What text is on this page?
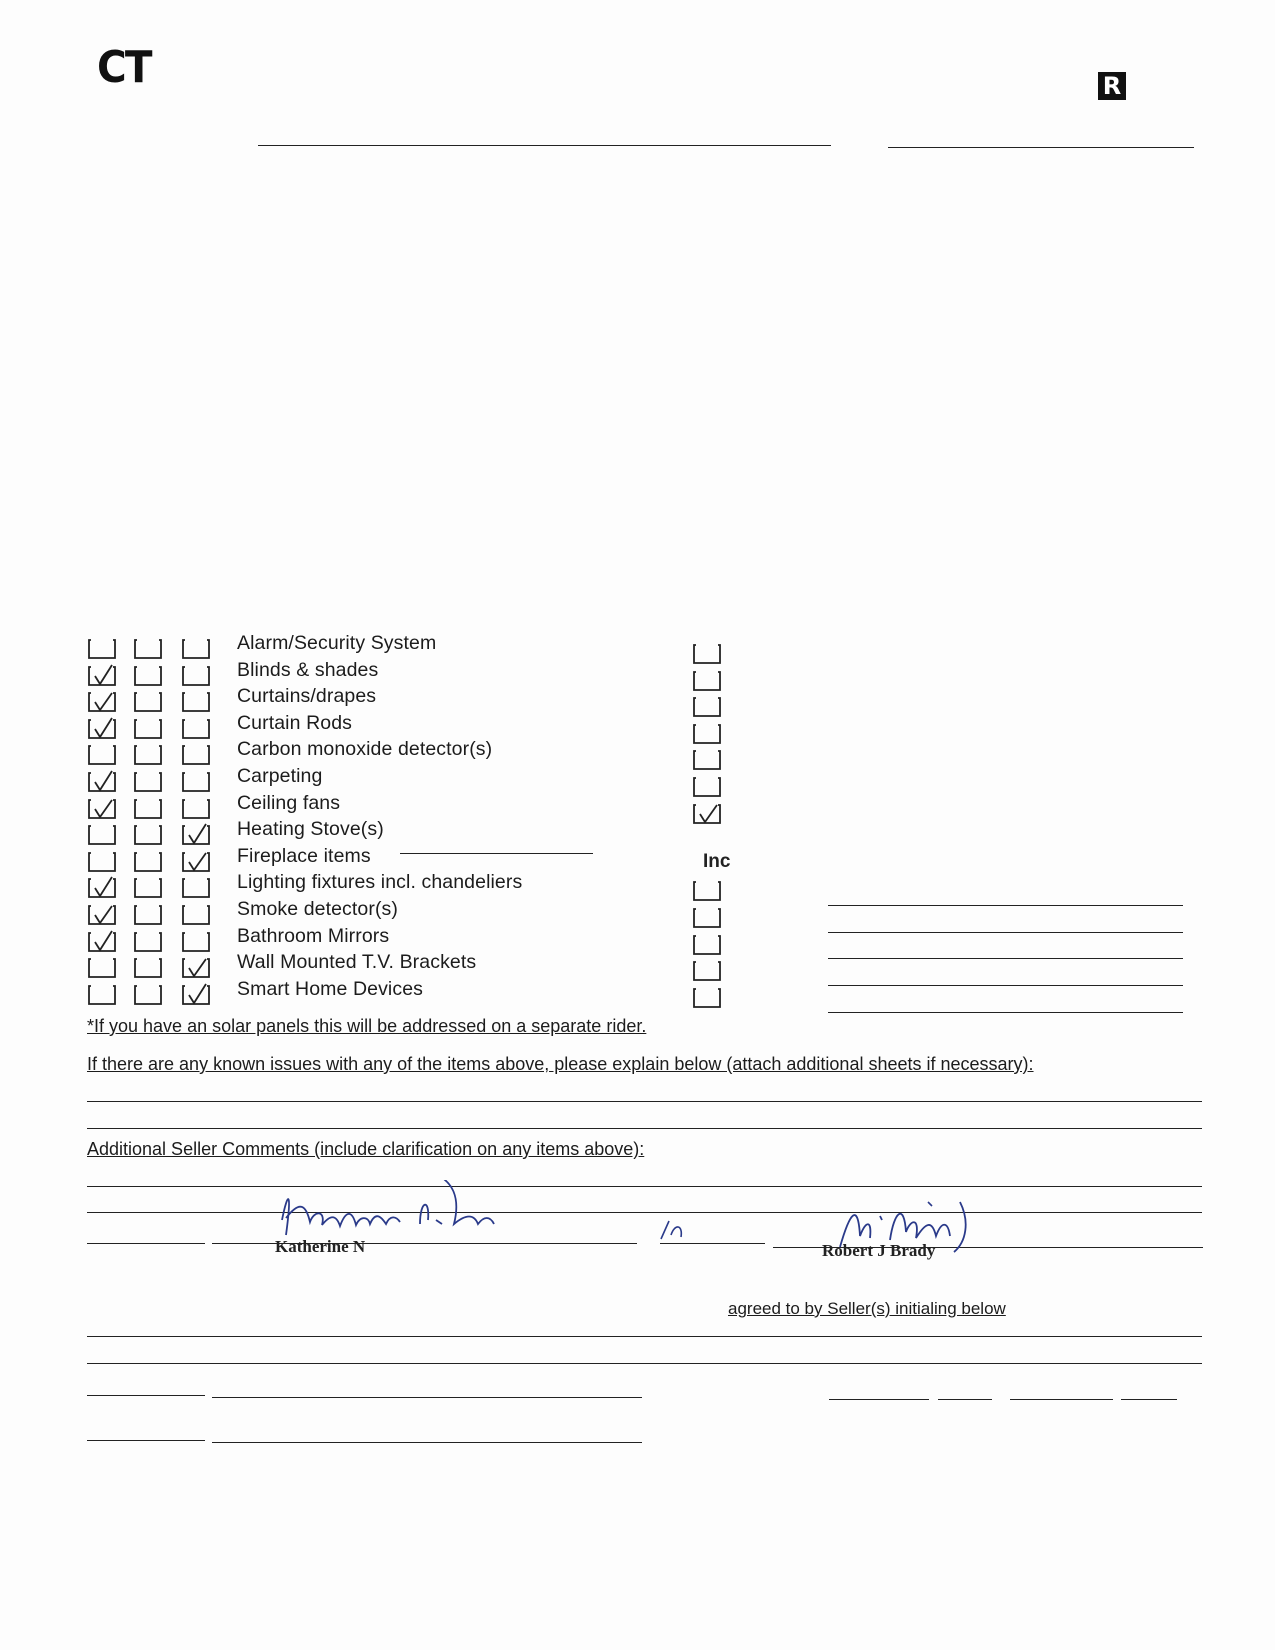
CT	R
Alarm/Security System
Blinds & shades
Curtains/drapes
Curtain Rods
Carbon monoxide detector(s)
Carpeting
Ceiling fans
Heating Stove(s)
Fireplace items
Lighting fixtures incl. chandeliers
Smoke detector(s)
Bathroom Mirrors
Wall Mounted T.V. Brackets
Smart Home Devices
Inc
*If you have an solar panels this will be addressed on a separate rider.
If there are any known issues with any of the items above, please explain below (attach additional sheets if necessary):
Additional Seller Comments (include clarification on any items above):
Katherine N	Robert J Brady
agreed to by Seller(s) initialing below
